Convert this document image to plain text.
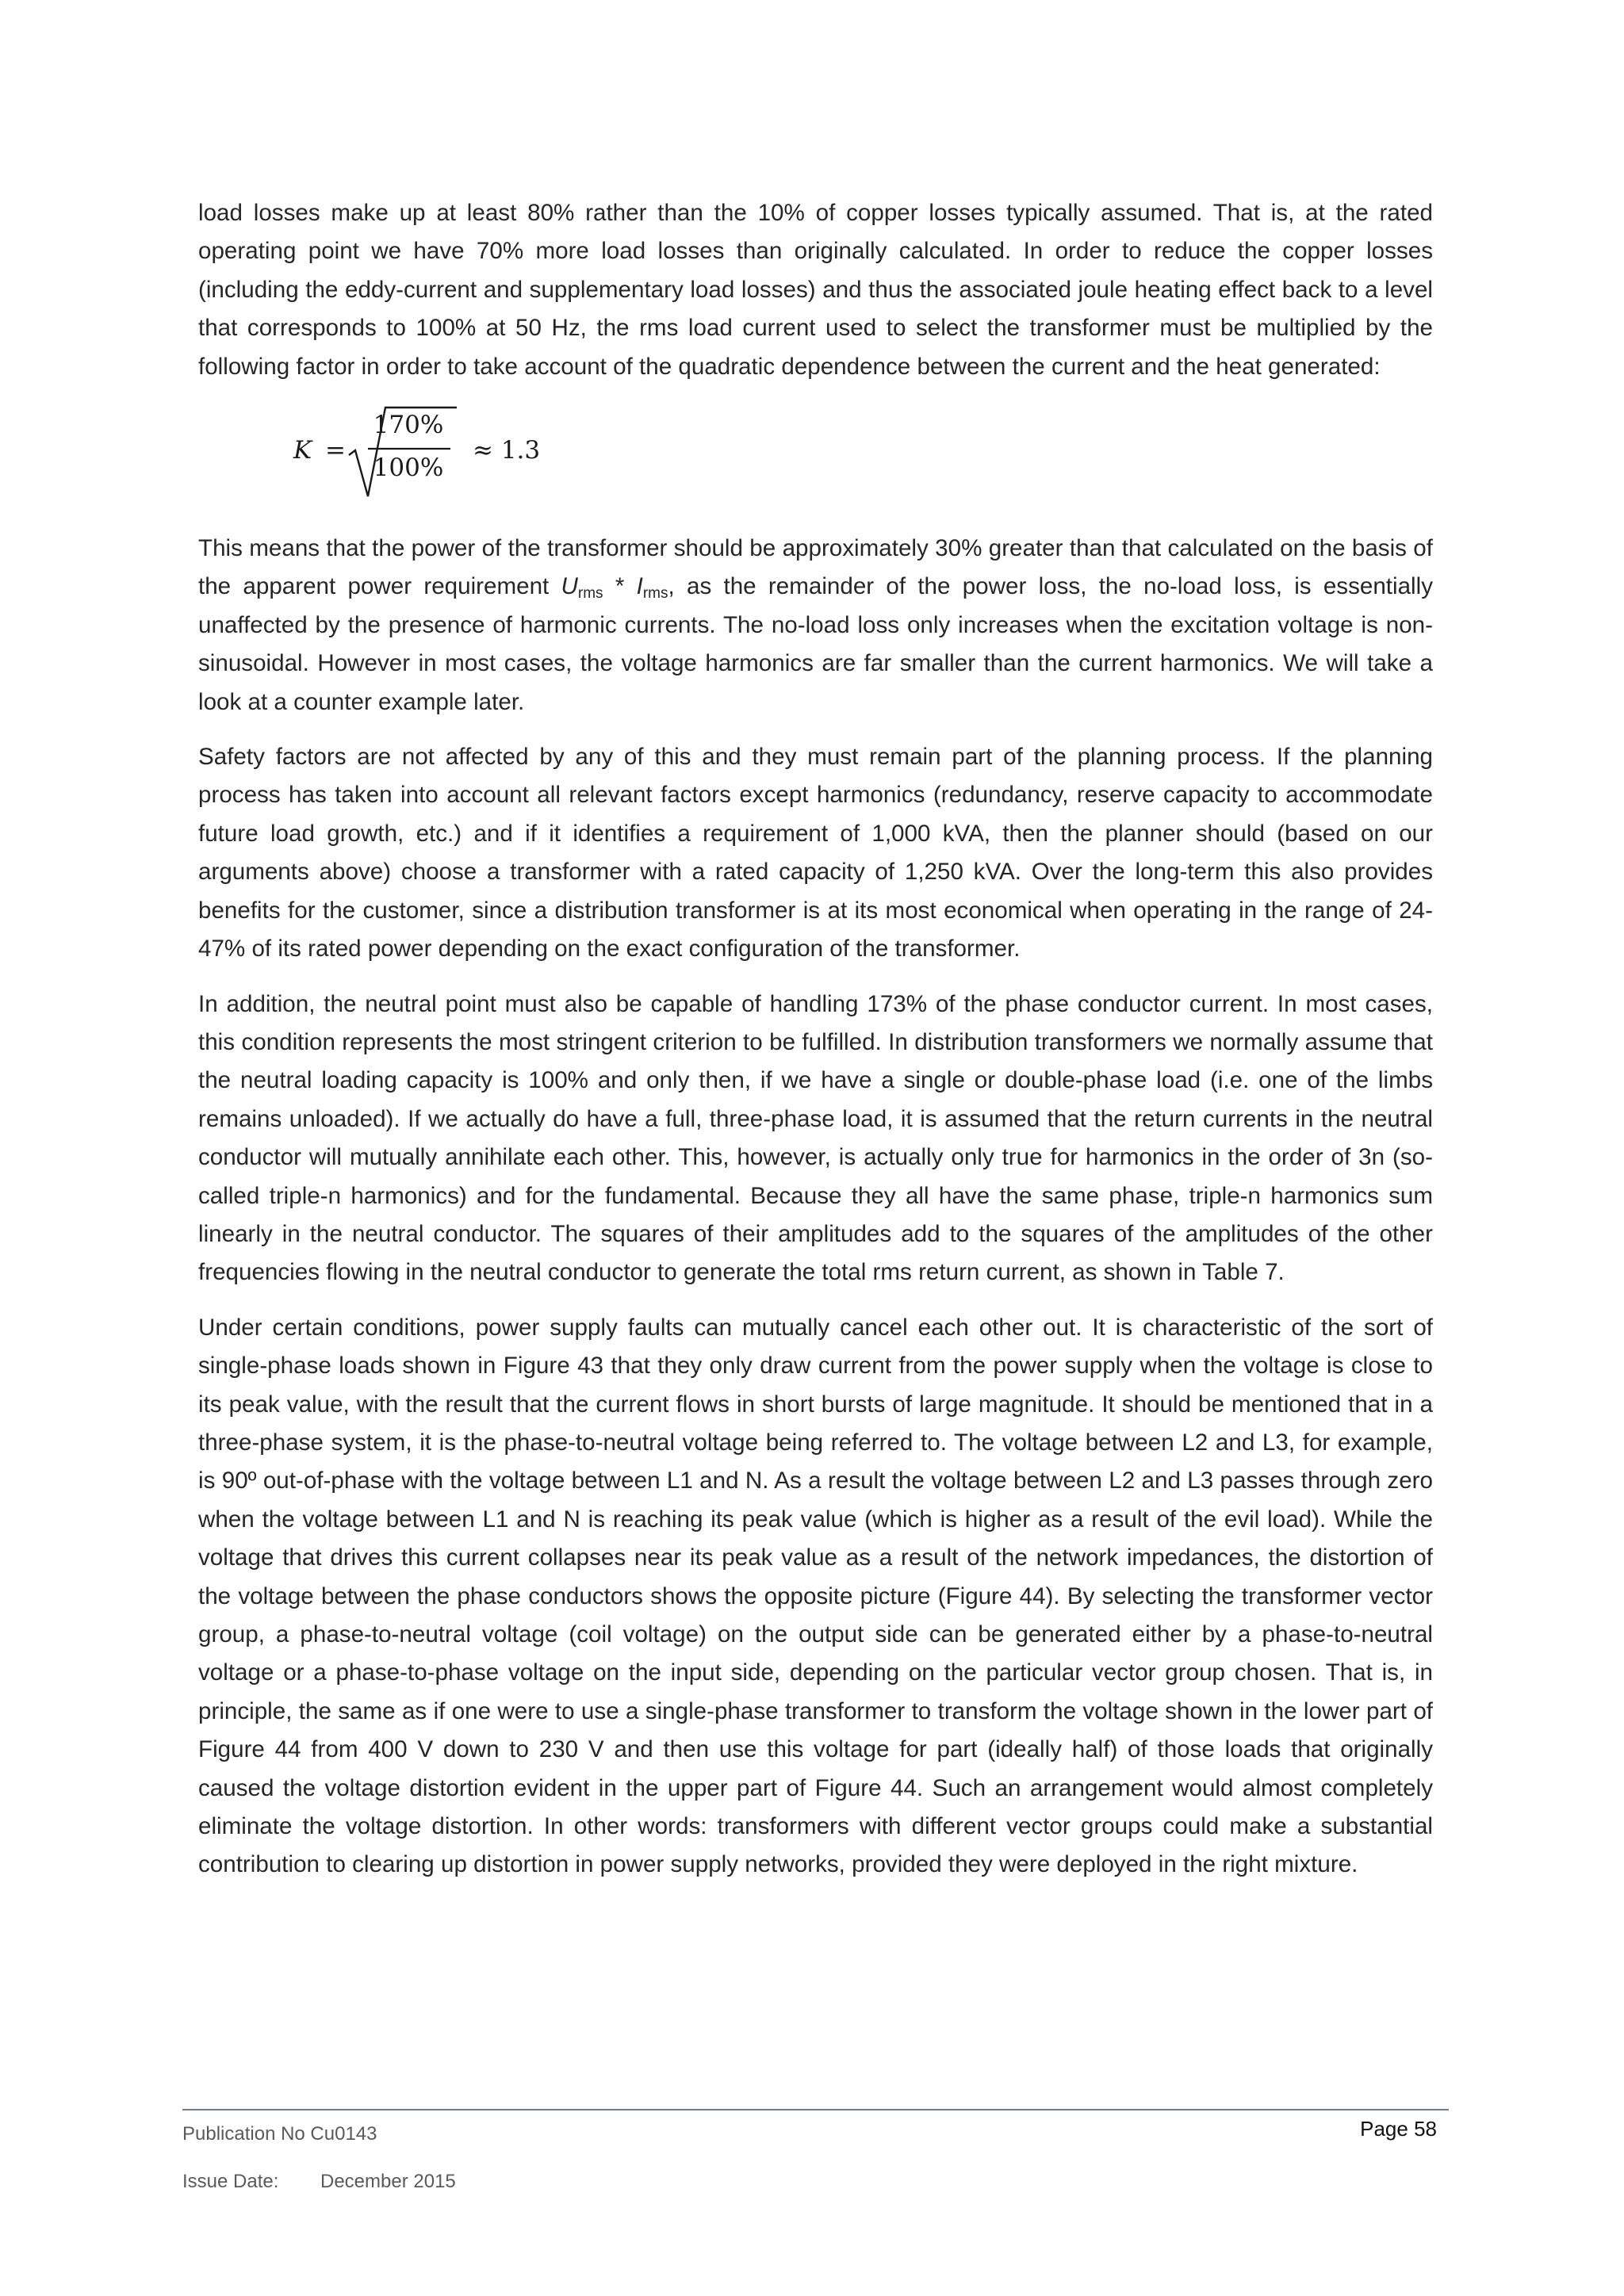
load losses make up at least 80% rather than the 10% of copper losses typically assumed. That is, at the rated operating point we have 70% more load losses than originally calculated. In order to reduce the copper losses (including the eddy-current and supplementary load losses) and thus the associated joule heating effect back to a level that corresponds to 100% at 50 Hz, the rms load current used to select the transformer must be multiplied by the following factor in order to take account of the quadratic dependence between the current and the heat generated:

K =
170%
100%
≈ 1.3

This means that the power of the transformer should be approximately 30% greater than that calculated on the basis of the apparent power requirement $U_{rms} * I_{rms}$, as the remainder of the power loss, the no-load loss, is essentially unaffected by the presence of harmonic currents. The no-load loss only increases when the excitation voltage is non-sinusoidal. However in most cases, the voltage harmonics are far smaller than the current harmonics. We will take a look at a counter example later.

Safety factors are not affected by any of this and they must remain part of the planning process. If the planning process has taken into account all relevant factors except harmonics (redundancy, reserve capacity to accommodate future load growth, etc.) and if it identifies a requirement of 1,000 kVA, then the planner should (based on our arguments above) choose a transformer with a rated capacity of 1,250 kVA. Over the long-term this also provides benefits for the customer, since a distribution transformer is at its most economical when operating in the range of 24-47% of its rated power depending on the exact configuration of the transformer.

In addition, the neutral point must also be capable of handling 173% of the phase conductor current. In most cases, this condition represents the most stringent criterion to be fulfilled. In distribution transformers we normally assume that the neutral loading capacity is 100% and only then, if we have a single or double-phase load (i.e. one of the limbs remains unloaded). If we actually do have a full, three-phase load, it is assumed that the return currents in the neutral conductor will mutually annihilate each other. This, however, is actually only true for harmonics in the order of 3n (so-called triple-n harmonics) and for the fundamental. Because they all have the same phase, triple-n harmonics sum linearly in the neutral conductor. The squares of their amplitudes add to the squares of the amplitudes of the other frequencies flowing in the neutral conductor to generate the total rms return current, as shown in Table 7.

Under certain conditions, power supply faults can mutually cancel each other out. It is characteristic of the sort of single-phase loads shown in Figure 43 that they only draw current from the power supply when the voltage is close to its peak value, with the result that the current flows in short bursts of large magnitude. It should be mentioned that in a three-phase system, it is the phase-to-neutral voltage being referred to. The voltage between L2 and L3, for example, is 90º out-of-phase with the voltage between L1 and N. As a result the voltage between L2 and L3 passes through zero when the voltage between L1 and N is reaching its peak value (which is higher as a result of the evil load). While the voltage that drives this current collapses near its peak value as a result of the network impedances, the distortion of the voltage between the phase conductors shows the opposite picture (Figure 44). By selecting the transformer vector group, a phase-to-neutral voltage (coil voltage) on the output side can be generated either by a phase-to-neutral voltage or a phase-to-phase voltage on the input side, depending on the particular vector group chosen. That is, in principle, the same as if one were to use a single-phase transformer to transform the voltage shown in the lower part of Figure 44 from 400 V down to 230 V and then use this voltage for part (ideally half) of those loads that originally caused the voltage distortion evident in the upper part of Figure 44. Such an arrangement would almost completely eliminate the voltage distortion. In other words: transformers with different vector groups could make a substantial contribution to clearing up distortion in power supply networks, provided they were deployed in the right mixture.

Publication No Cu0143
Issue Date: December 2015
Page 58
